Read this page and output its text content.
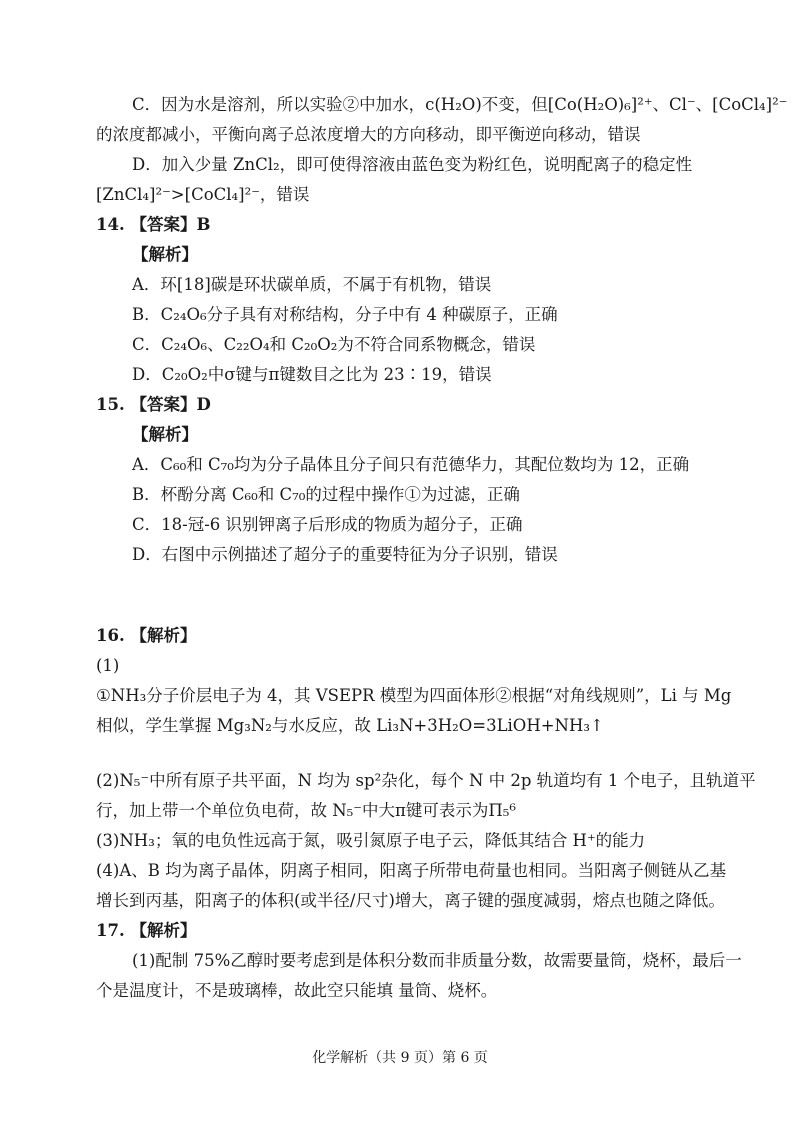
C．因为水是溶剂，所以实验②中加水，c(H₂O)不变，但[Co(H₂O)₆]²⁺、Cl⁻、[CoCl₄]²⁻
的浓度都减小，平衡向离子总浓度增大的方向移动，即平衡逆向移动，错误
D．加入少量 ZnCl₂，即可使得溶液由蓝色变为粉红色，说明配离子的稳定性
[ZnCl₄]²⁻>[CoCl₄]²⁻，错误
14. 【答案】B
【解析】
A．环[18]碳是环状碳单质，不属于有机物，错误
B．C₂₄O₆分子具有对称结构，分子中有 4 种碳原子，正确
C．C₂₄O₆、C₂₂O₄和 C₂₀O₂为不符合同系物概念，错误
D．C₂₀O₂中σ键与π键数目之比为 23∶19，错误
15. 【答案】D
【解析】
A．C₆₀和 C₇₀均为分子晶体且分子间只有范德华力，其配位数均为 12，正确
B．杯酚分离 C₆₀和 C₇₀的过程中操作①为过滤，正确
C．18-冠-6 识别钾离子后形成的物质为超分子，正确
D．右图中示例描述了超分子的重要特征为分子识别，错误
16. 【解析】
(1)
①NH₃分子价层电子为 4，其 VSEPR 模型为四面体形②根据“对角线规则”，Li 与 Mg
相似，学生掌握 Mg₃N₂与水反应，故 Li₃N+3H₂O=3LiOH+NH₃↑
(2)N₅⁻中所有原子共平面，N 均为 sp²杂化，每个 N 中 2p 轨道均有 1 个电子，且轨道平
行，加上带一个单位负电荷，故 N₅⁻中大π键可表示为Π₅⁶
(3)NH₃；氧的电负性远高于氮，吸引氮原子电子云，降低其结合 H⁺的能力
(4)A、B 均为离子晶体，阴离子相同，阳离子所带电荷量也相同。当阳离子侧链从乙基
增长到丙基，阳离子的体积(或半径/尺寸)增大，离子键的强度减弱，熔点也随之降低。
17. 【解析】
(1)配制 75%乙醇时要考虑到是体积分数而非质量分数，故需要量筒，烧杯，最后一
个是温度计，不是玻璃棒，故此空只能填 量筒、烧杯。
化学解析（共 9 页）第 6 页
